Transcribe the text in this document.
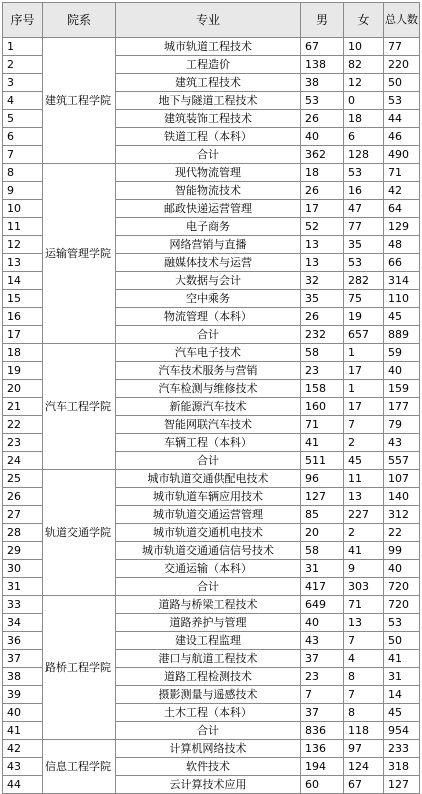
序号	院系	专业	男	女	总人数
1	建筑工程学院	城市轨道工程技术	67	10	77
2		工程造价	138	82	220
3		建筑工程技术	38	12	50
4		地下与隧道工程技术	53	0	53
5		建筑装饰工程技术	26	18	44
6		铁道工程（本科）	40	6	46
7		合计	362	128	490
8	运输管理学院	现代物流管理	18	53	71
9		智能物流技术	26	16	42
10		邮政快递运营管理	17	47	64
11		电子商务	52	77	129
12		网络营销与直播	13	35	48
13		融媒体技术与运营	13	53	66
14		大数据与会计	32	282	314
15		空中乘务	35	75	110
16		物流管理（本科）	26	19	45
17		合计	232	657	889
18	汽车工程学院	汽车电子技术	58	1	59
19		汽车技术服务与营销	23	17	40
20		汽车检测与维修技术	158	1	159
21		新能源汽车技术	160	17	177
22		智能网联汽车技术	71	7	79
23		车辆工程（本科）	41	2	43
24		合计	511	45	557
25	轨道交通学院	城市轨道交通供配电技术	96	11	107
26		城市轨道车辆应用技术	127	13	140
27		城市轨道交通运营管理	85	227	312
28		城市轨道交通机电技术	20	2	22
29		城市轨道交通通信信号技术	58	41	99
30		交通运输（本科）	31	9	40
31		合计	417	303	720
33	路桥工程学院	道路与桥梁工程技术	649	71	720
34		道路养护与管理	40	13	53
36		建设工程监理	43	7	50
37		港口与航道工程技术	37	4	41
38		道路工程检测技术	23	8	31
39		摄影测量与遥感技术	7	7	14
40		土木工程（本科）	37	8	45
41		合计	836	118	954
42	信息工程学院	计算机网络技术	136	97	233
43		软件技术	194	124	318
44		云计算技术应用	60	67	127
